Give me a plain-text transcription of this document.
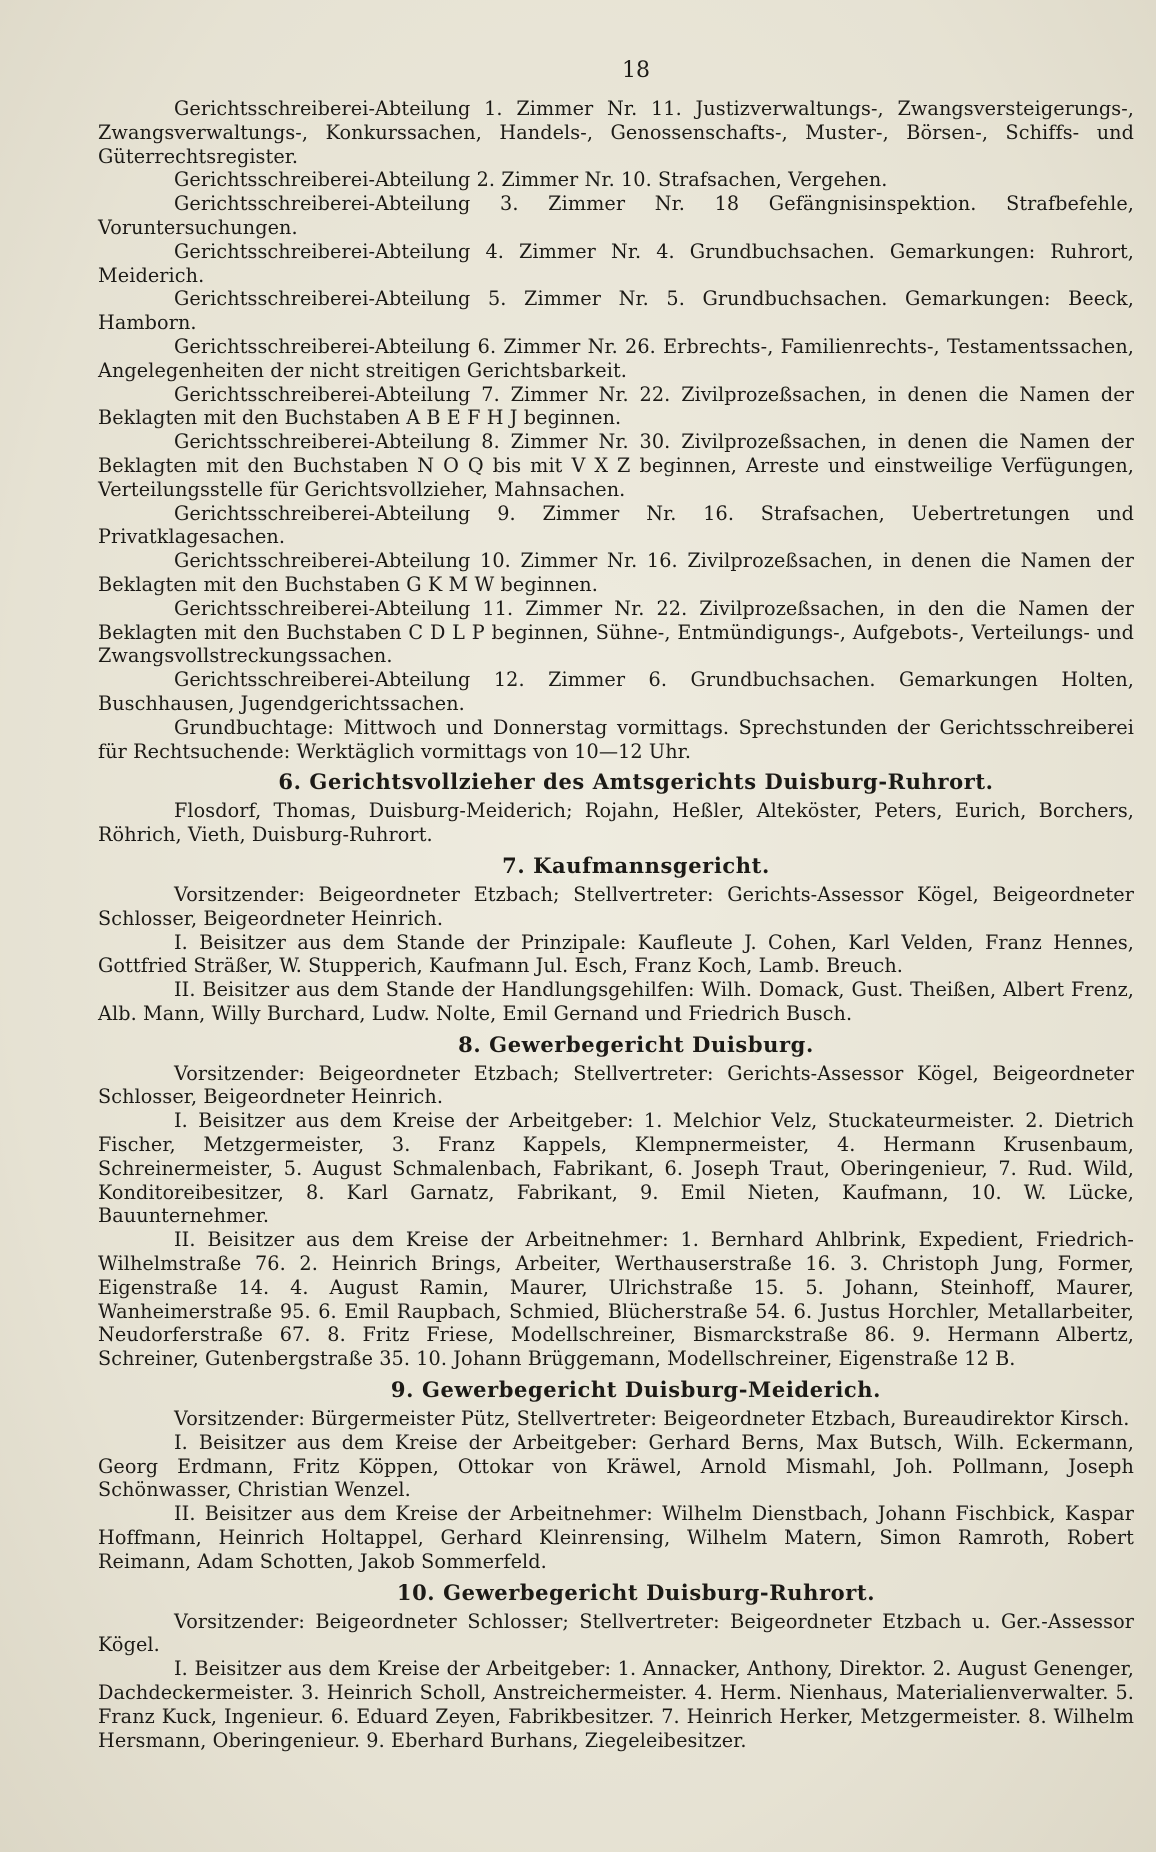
18

Gerichtsschreiberei-Abteilung 1. Zimmer Nr. 11. Justizverwaltungs-, Zwangsversteigerungs-, Zwangsverwaltungs-, Konkurssachen, Handels-, Genossenschafts-, Muster-, Börsen-, Schiffs- und Güterrechtsregister.

Gerichtsschreiberei-Abteilung 2. Zimmer Nr. 10. Strafsachen, Vergehen.

Gerichtsschreiberei-Abteilung 3. Zimmer Nr. 18 Gefängnisinspektion. Strafbefehle, Voruntersuchungen.

Gerichtsschreiberei-Abteilung 4. Zimmer Nr. 4. Grundbuchsachen. Gemarkungen: Ruhrort, Meiderich.

Gerichtsschreiberei-Abteilung 5. Zimmer Nr. 5. Grundbuchsachen. Gemarkungen: Beeck, Hamborn.

Gerichtsschreiberei-Abteilung 6. Zimmer Nr. 26. Erbrechts-, Familienrechts-, Testamentssachen, Angelegenheiten der nicht streitigen Gerichtsbarkeit.

Gerichtsschreiberei-Abteilung 7. Zimmer Nr. 22. Zivilprozeßsachen, in denen die Namen der Beklagten mit den Buchstaben A B E F H J beginnen.

Gerichtsschreiberei-Abteilung 8. Zimmer Nr. 30. Zivilprozeßsachen, in denen die Namen der Beklagten mit den Buchstaben N O Q bis mit V X Z beginnen, Arreste und einstweilige Verfügungen, Verteilungsstelle für Gerichtsvollzieher, Mahnsachen.

Gerichtsschreiberei-Abteilung 9. Zimmer Nr. 16. Strafsachen, Uebertretungen und Privatklagesachen.

Gerichtsschreiberei-Abteilung 10. Zimmer Nr. 16. Zivilprozeßsachen, in denen die Namen der Beklagten mit den Buchstaben G K M W beginnen.

Gerichtsschreiberei-Abteilung 11. Zimmer Nr. 22. Zivilprozeßsachen, in den die Namen der Beklagten mit den Buchstaben C D L P beginnen, Sühne-, Entmündigungs-, Aufgebots-, Verteilungs- und Zwangsvollstreckungssachen.

Gerichtsschreiberei-Abteilung 12. Zimmer 6. Grundbuchsachen. Gemarkungen Holten, Buschhausen, Jugendgerichtssachen.

Grundbuchtage: Mittwoch und Donnerstag vormittags. Sprechstunden der Gerichtsschreiberei für Rechtsuchende: Werktäglich vormittags von 10—12 Uhr.

6. Gerichtsvollzieher des Amtsgerichts Duisburg-Ruhrort.

Flosdorf, Thomas, Duisburg-Meiderich; Rojahn, Heßler, Alteköster, Peters, Eurich, Borchers, Röhrich, Vieth, Duisburg-Ruhrort.

7. Kaufmannsgericht.

Vorsitzender: Beigeordneter Etzbach; Stellvertreter: Gerichts-Assessor Kögel, Beigeordneter Schlosser, Beigeordneter Heinrich.

I. Beisitzer aus dem Stande der Prinzipale: Kaufleute J. Cohen, Karl Velden, Franz Hennes, Gottfried Sträßer, W. Stupperich, Kaufmann Jul. Esch, Franz Koch, Lamb. Breuch.

II. Beisitzer aus dem Stande der Handlungsgehilfen: Wilh. Domack, Gust. Theißen, Albert Frenz, Alb. Mann, Willy Burchard, Ludw. Nolte, Emil Gernand und Friedrich Busch.

8. Gewerbegericht Duisburg.

Vorsitzender: Beigeordneter Etzbach; Stellvertreter: Gerichts-Assessor Kögel, Beigeordneter Schlosser, Beigeordneter Heinrich.

I. Beisitzer aus dem Kreise der Arbeitgeber: 1. Melchior Velz, Stuckateurmeister. 2. Dietrich Fischer, Metzgermeister, 3. Franz Kappels, Klempnermeister, 4. Hermann Krusenbaum, Schreinermeister, 5. August Schmalenbach, Fabrikant, 6. Joseph Traut, Oberingenieur, 7. Rud. Wild, Konditoreibesitzer, 8. Karl Garnatz, Fabrikant, 9. Emil Nieten, Kaufmann, 10. W. Lücke, Bauunternehmer.

II. Beisitzer aus dem Kreise der Arbeitnehmer: 1. Bernhard Ahlbrink, Expedient, Friedrich-Wilhelmstraße 76. 2. Heinrich Brings, Arbeiter, Werthauserstraße 16. 3. Christoph Jung, Former, Eigenstraße 14. 4. August Ramin, Maurer, Ulrichstraße 15. 5. Johann, Steinhoff, Maurer, Wanheimerstraße 95. 6. Emil Raupbach, Schmied, Blücherstraße 54. 6. Justus Horchler, Metallarbeiter, Neudorferstraße 67. 8. Fritz Friese, Modellschreiner, Bismarckstraße 86. 9. Hermann Albertz, Schreiner, Gutenbergstraße 35. 10. Johann Brüggemann, Modellschreiner, Eigenstraße 12 B.

9. Gewerbegericht Duisburg-Meiderich.

Vorsitzender: Bürgermeister Pütz, Stellvertreter: Beigeordneter Etzbach, Bureaudirektor Kirsch.

I. Beisitzer aus dem Kreise der Arbeitgeber: Gerhard Berns, Max Butsch, Wilh. Eckermann, Georg Erdmann, Fritz Köppen, Ottokar von Kräwel, Arnold Mismahl, Joh. Pollmann, Joseph Schönwasser, Christian Wenzel.

II. Beisitzer aus dem Kreise der Arbeitnehmer: Wilhelm Dienstbach, Johann Fischbick, Kaspar Hoffmann, Heinrich Holtappel, Gerhard Kleinrensing, Wilhelm Matern, Simon Ramroth, Robert Reimann, Adam Schotten, Jakob Sommerfeld.

10. Gewerbegericht Duisburg-Ruhrort.

Vorsitzender: Beigeordneter Schlosser; Stellvertreter: Beigeordneter Etzbach u. Ger.-Assessor Kögel.

I. Beisitzer aus dem Kreise der Arbeitgeber: 1. Annacker, Anthony, Direktor. 2. August Genenger, Dachdeckermeister. 3. Heinrich Scholl, Anstreichermeister. 4. Herm. Nienhaus, Materialienverwalter. 5. Franz Kuck, Ingenieur. 6. Eduard Zeyen, Fabrikbesitzer. 7. Heinrich Herker, Metzgermeister. 8. Wilhelm Hersmann, Oberingenieur. 9. Eberhard Burhans, Ziegeleibesitzer.
